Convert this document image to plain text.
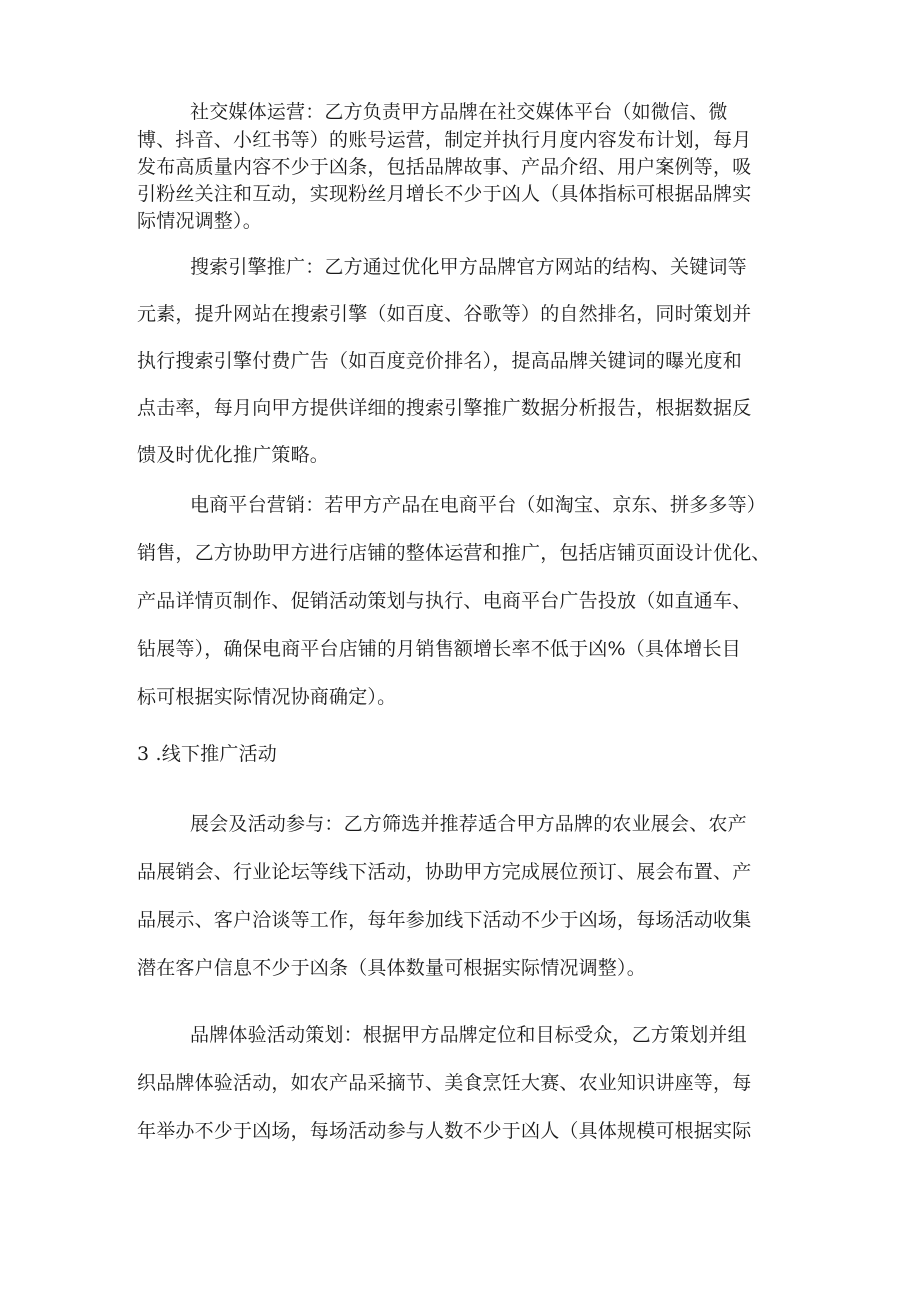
社交媒体运营：乙方负责甲方品牌在社交媒体平台（如微信、微
博、抖音、小红书等）的账号运营，制定并执行月度内容发布计划，每月
发布高质量内容不少于凶条，包括品牌故事、产品介绍、用户案例等，吸
引粉丝关注和互动，实现粉丝月增长不少于凶人（具体指标可根据品牌实
际情况调整）。
搜索引擎推广：乙方通过优化甲方品牌官方网站的结构、关键词等
元素，提升网站在搜索引擎（如百度、谷歌等）的自然排名，同时策划并
执行搜索引擎付费广告（如百度竞价排名），提高品牌关键词的曝光度和
点击率，每月向甲方提供详细的搜索引擎推广数据分析报告，根据数据反
馈及时优化推广策略。
电商平台营销：若甲方产品在电商平台（如淘宝、京东、拼多多等）
销售，乙方协助甲方进行店铺的整体运营和推广，包括店铺页面设计优化、
产品详情页制作、促销活动策划与执行、电商平台广告投放（如直通车、
钻展等），确保电商平台店铺的月销售额增长率不低于凶%（具体增长目
标可根据实际情况协商确定）。
3 .线下推广活动
展会及活动参与：乙方筛选并推荐适合甲方品牌的农业展会、农产
品展销会、行业论坛等线下活动，协助甲方完成展位预订、展会布置、产
品展示、客户洽谈等工作，每年参加线下活动不少于凶场，每场活动收集
潜在客户信息不少于凶条（具体数量可根据实际情况调整）。
品牌体验活动策划：根据甲方品牌定位和目标受众，乙方策划并组
织品牌体验活动，如农产品采摘节、美食烹饪大赛、农业知识讲座等，每
年举办不少于凶场，每场活动参与人数不少于凶人（具体规模可根据实际
